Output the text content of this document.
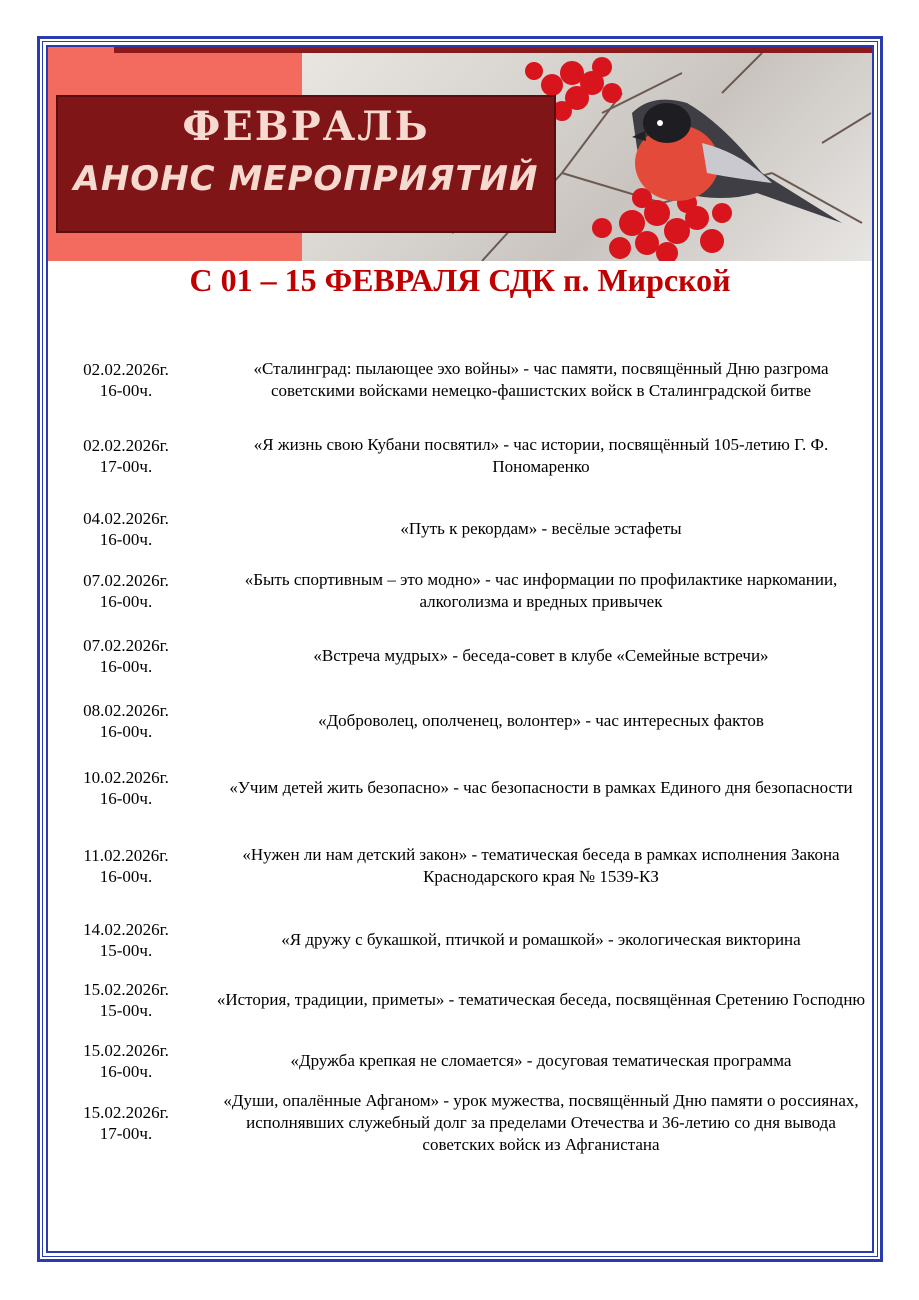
ФЕВРАЛЬ
АНОНС МЕРОПРИЯТИЙ
С 01 – 15 ФЕВРАЛЯ СДК п. Мирской
02.02.2026г.
16-00ч.
«Сталинград: пылающее эхо войны» - час памяти, посвящённый Дню разгрома советскими войсками немецко-фашистских войск в Сталинградской битве
02.02.2026г.
17-00ч.
«Я жизнь свою Кубани посвятил» - час истории, посвящённый 105-летию Г. Ф. Пономаренко
04.02.2026г.
16-00ч.
«Путь к рекордам» - весёлые эстафеты
07.02.2026г.
16-00ч.
«Быть спортивным – это модно» - час информации по профилактике наркомании, алкоголизма и вредных привычек
07.02.2026г.
16-00ч.
«Встреча мудрых» - беседа-совет в клубе «Семейные встречи»
08.02.2026г.
16-00ч.
«Доброволец, ополченец, волонтер» - час интересных фактов
10.02.2026г.
16-00ч.
«Учим детей жить безопасно» - час безопасности в рамках Единого дня безопасности
11.02.2026г.
16-00ч.
«Нужен ли нам детский закон» - тематическая беседа в рамках исполнения Закона Краснодарского края № 1539-КЗ
14.02.2026г.
15-00ч.
«Я дружу с букашкой, птичкой и ромашкой» - экологическая викторина
15.02.2026г.
15-00ч.
«История, традиции, приметы» - тематическая беседа, посвящённая Сретению Господню
15.02.2026г.
16-00ч.
«Дружба крепкая не сломается» - досуговая тематическая программа
15.02.2026г.
17-00ч.
«Души, опалённые Афганом» - урок мужества, посвящённый Дню памяти о россиянах, исполнявших служебный долг за пределами Отечества и 36-летию со дня вывода советских войск из Афганистана
